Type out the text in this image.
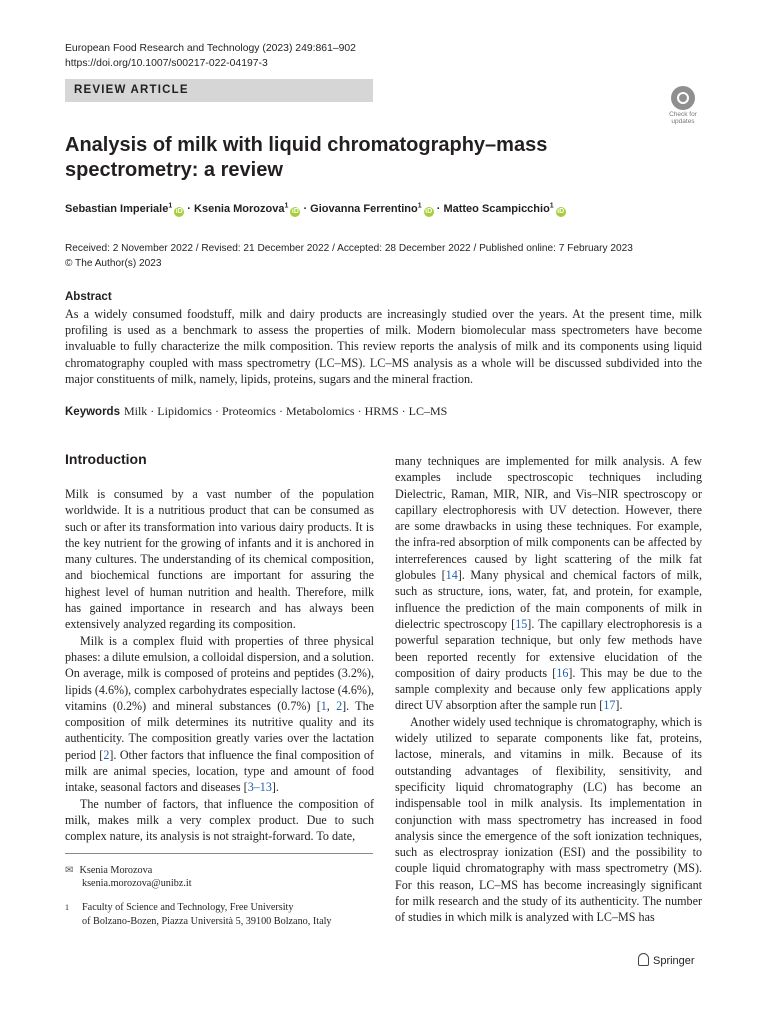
European Food Research and Technology (2023) 249:861–902
https://doi.org/10.1007/s00217-022-04197-3
REVIEW ARTICLE
Check for updates
Analysis of milk with liquid chromatography–mass spectrometry: a review
Sebastian Imperiale$^1$iD · Ksenia Morozova$^1$iD · Giovanna Ferrentino$^1$iD · Matteo Scampicchio$^1$iD
Received: 2 November 2022 / Revised: 21 December 2022 / Accepted: 28 December 2022 / Published online: 7 February 2023
© The Author(s) 2023
Abstract
As a widely consumed foodstuff, milk and dairy products are increasingly studied over the years. At the present time, milk profiling is used as a benchmark to assess the properties of milk. Modern biomolecular mass spectrometers have become invaluable to fully characterize the milk composition. This review reports the analysis of milk and its components using liquid chromatography coupled with mass spectrometry (LC–MS). LC–MS analysis as a whole will be discussed subdivided into the major constituents of milk, namely, lipids, proteins, sugars and the mineral fraction.
Keywords Milk · Lipidomics · Proteomics · Metabolomics · HRMS · LC–MS
Introduction

Milk is consumed by a vast number of the population worldwide. It is a nutritious product that can be consumed as such or after its transformation into various dairy products. It is the key nutrient for the growing of infants and it is anchored in many cultures. The understanding of its chemical composition, and biochemical functions are important for assuring the highest level of human nutrition and health. Therefore, milk has gained importance in research and has always been extensively analyzed regarding its composition.

Milk is a complex fluid with properties of three physical phases: a dilute emulsion, a colloidal dispersion, and a solution. On average, milk is composed of proteins and peptides (3.2%), lipids (4.6%), complex carbohydrates especially lactose (4.6%), vitamins (0.2%) and mineral substances (0.7%) [1, 2]. The composition of milk determines its nutritive quality and its authenticity. The composition greatly varies over the lactation period [2]. Other factors that influence the final composition of milk are animal species, location, type and amount of food intake, seasonal factors and diseases [3–13].

The number of factors, that influence the composition of milk, makes milk a very complex product. Due to such complex nature, its analysis is not straight-forward. To date,

many techniques are implemented for milk analysis. A few examples include spectroscopic techniques including Dielectric, Raman, MIR, NIR, and Vis–NIR spectroscopy or capillary electrophoresis with UV detection. However, there are some drawbacks in using these techniques. For example, the infra-red absorption of milk components can be affected by interreferences caused by light scattering of the milk fat globules [14]. Many physical and chemical factors of milk, such as structure, ions, water, fat, and protein, for example, influence the prediction of the main components of milk in dielectric spectroscopy [15]. The capillary electrophoresis is a powerful separation technique, but only few methods have been reported recently for extensive elucidation of the composition of dairy products [16]. This may be due to the sample complexity and because only few applications apply direct UV absorption after the sample run [17].

Another widely used technique is chromatography, which is widely utilized to separate components like fat, proteins, lactose, minerals, and vitamins in milk. Because of its outstanding advantages of flexibility, sensitivity, and specificity liquid chromatography (LC) has become an indispensable tool in milk analysis. Its implementation in conjunction with mass spectrometry has increased in food analysis since the emergence of the soft ionization techniques, such as electrospray ionization (ESI) and the possibility to couple liquid chromatography with mass spectrometry (MS). For this reason, LC–MS has become increasingly significant for milk research and the study of its authenticity. The number of studies in which milk is analyzed with LC–MS has

✉ Ksenia Morozova
ksenia.morozova@unibz.it
1 Faculty of Science and Technology, Free University
of Bolzano-Bozen, Piazza Università 5, 39100 Bolzano, Italy
Springer
